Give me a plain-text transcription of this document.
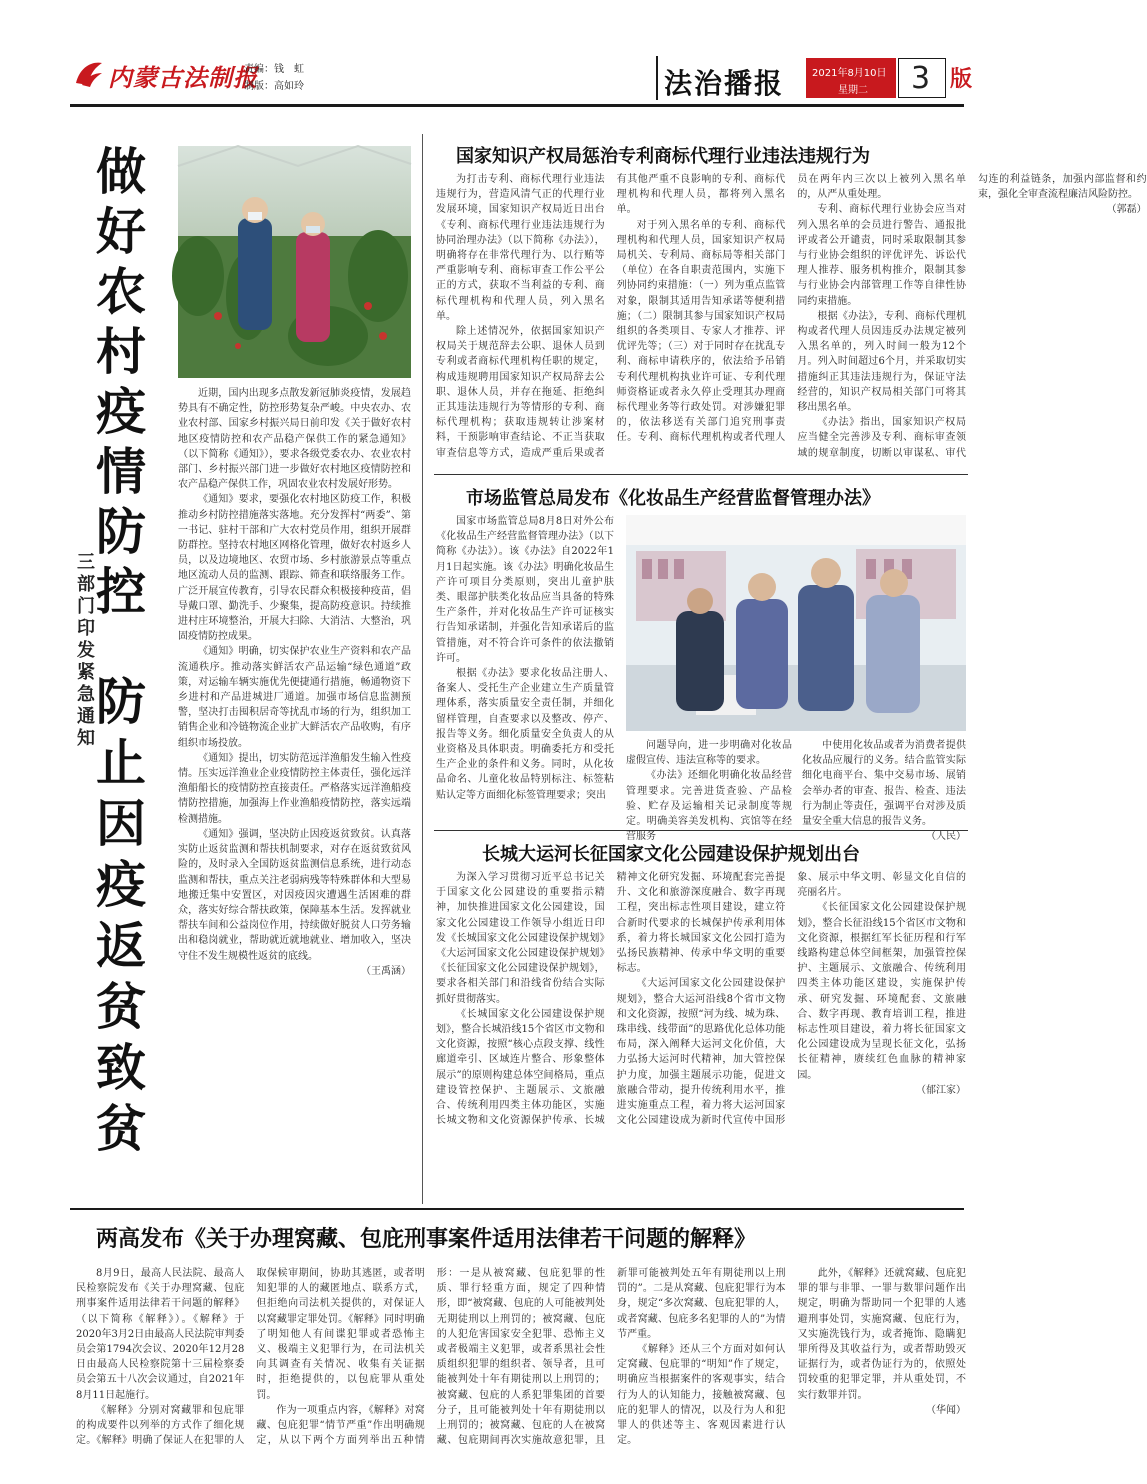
内蒙古法制报
责编：钱　虹
制版：高如玲	法治播报	2021年8月10日
星期二 3 版
做好农村疫情防控
防止因疫返贫致贫
三部门印发紧急通知

近期，国内出现多点散发新冠肺炎疫情，发展趋势具有不确定性，防控形势复杂严峻。中央农办、农业农村部、国家乡村振兴局日前印发《关于做好农村地区疫情防控和农产品稳产保供工作的紧急通知》（以下简称《通知》），要求各级党委农办、农业农村部门、乡村振兴部门进一步做好农村地区疫情防控和农产品稳产保供工作，巩固农业农村发展好形势。

《通知》要求，要强化农村地区防疫工作，积极推动乡村防控措施落实落地。充分发挥村“两委”、第一书记、驻村干部和广大农村党员作用，组织开展群防群控。坚持农村地区网格化管理，做好农村返乡人员，以及边境地区、农贸市场、乡村旅游景点等重点地区流动人员的监测、跟踪、筛查和联络服务工作。广泛开展宣传教育，引导农民群众积极接种疫苗，倡导戴口罩、勤洗手、少聚集，提高防疫意识。持续推进村庄环境整治，开展大扫除、大消洁、大整治，巩固疫情防控成果。

《通知》明确，切实保护农业生产资料和农产品流通秩序。推动落实鲜活农产品运输“绿色通道”政策，对运输车辆实施优先便捷通行措施，畅通物资下乡进村和产品进城进厂通道。加强市场信息监测预警，坚决打击囤积居奇等扰乱市场的行为，组织加工销售企业和冷链物流企业扩大鲜活农产品收购，有序组织市场投放。

《通知》提出，切实防范远洋渔船发生输入性疫情。压实远洋渔业企业疫情防控主体责任，强化远洋渔船船长的疫情防控直接责任。严格落实远洋渔船疫情防控措施，加强海上作业渔船疫情防控，落实远端检测措施。

《通知》强调，坚决防止因疫返贫致贫。认真落实防止返贫监测和帮扶机制要求，对存在返贫致贫风险的，及时录入全国防返贫监测信息系统，进行动态监测和帮扶，重点关注老弱病残等特殊群体和大型易地搬迁集中安置区，对因疫因灾遭遇生活困难的群众，落实好综合帮扶政策，保障基本生活。发挥就业帮扶车间和公益岗位作用，持续做好脱贫人口劳务输出和稳岗就业，帮助就近就地就业、增加收入，坚决守住不发生规模性返贫的底线。

（王禹涵）

国家知识产权局惩治专利商标代理行业违法违规行为

为打击专利、商标代理行业违法违规行为，营造风清气正的代理行业发展环境，国家知识产权局近日出台《专利、商标代理行业违法违规行为协同治理办法》（以下简称《办法》），明确将存在非常代理行为、以行贿等严重影响专利、商标审查工作公平公正的方式，获取不当利益的专利、商标代理机构和代理人员，列入黑名单。

除上述情况外，依据国家知识产权局关于规范辞去公职、退休人员到专利或者商标代理机构任职的规定，构成违规聘用国家知识产权局辞去公职、退休人员，并存在拖延、拒绝纠正其违法违规行为等情形的专利、商标代理机构；获取违规转让涉案材料，干预影响审查结论、不正当获取审查信息等方式，造成严重后果或者有其他严重不良影响的专利、商标代理机构和代理人员，都将列入黑名单。

对于列入黑名单的专利、商标代理机构和代理人员，国家知识产权局局机关、专利局、商标局等相关部门（单位）在各自职责范围内，实施下列协同约束措施：（一）列为重点监管对象，限制其适用告知承诺等便利措施；（二）限制其参与国家知识产权局组织的各类项目、专家人才推荐、评优评先等；（三）对于同时存在扰乱专利、商标申请秩序的，依法给予吊销专利代理机构执业许可证、专利代理师资格证或者永久停止受理其办理商标代理业务等行政处罚。对涉嫌犯罪的，依法移送有关部门追究刑事责任。专利、商标代理机构或者代理人员在两年内三次以上被列入黑名单的，从严从重处理。

专利、商标代理行业协会应当对列入黑名单的会员进行警告、通报批评或者公开谴责，同时采取限制其参与行业协会组织的评优评先、诉讼代理人推荐、服务机构推介，限制其参与行业协会内部管理工作等自律性协同约束措施。

根据《办法》，专利、商标代理机构或者代理人员因违反办法规定被列入黑名单的，列入时间一般为12个月。列入时间超过6个月，并采取切实措施纠正其违法违规行为，保证守法经营的，知识产权局相关部门可将其移出黑名单。

《办法》指出，国家知识产权局应当健全完善涉及专利、商标审查领域的规章制度，切断以审谋私、审代勾连的利益链条，加强内部监督和约束，强化全审查流程廉洁风险防控。

（郭磊）

市场监管总局发布《化妆品生产经营监督管理办法》

国家市场监管总局8月8日对外公布《化妆品生产经营监督管理办法》（以下简称《办法》）。该《办法》自2022年1月1日起实施。该《办法》明确化妆品生产许可项目分类原则，突出儿童护肤类、眼部护肤类化妆品应当具备的特殊生产条件，并对化妆品生产许可证核实行告知承诺制，并强化告知承诺后的监管措施，对不符合许可条件的依法撤销许可。

根据《办法》要求化妆品注册人、备案人、受托生产企业建立生产质量管理体系，落实质量安全责任制，并细化留样管理，自查要求以及整改、停产、报告等义务。细化质量安全负责人的从业资格及具体职责。明确委托方和受托生产企业的条件和义务。同时，从化妆品命名、儿童化妆品特别标注、标签粘贴认定等方面细化标签管理要求；突出

问题导向，进一步明确对化妆品虚假宣传、违法宣称等的要求。

《办法》还细化明确化妆品经营管理要求。完善进货查验、产品检验、贮存及运输相关记录制度等规定。明确美容美发机构、宾馆等在经营服务

中使用化妆品或者为消费者提供化妆品应履行的义务。结合监管实际细化电商平台、集中交易市场、展销会举办者的审查、报告、检查、违法行为制止等责任，强调平台对涉及质量安全重大信息的报告义务。

（人民）

长城大运河长征国家文化公园建设保护规划出台

为深入学习贯彻习近平总书记关于国家文化公园建设的重要指示精神，加快推进国家文化公园建设，国家文化公园建设工作领导小组近日印发《长城国家文化公园建设保护规划》《大运河国家文化公园建设保护规划》《长征国家文化公园建设保护规划》，要求各相关部门和沿线省份结合实际抓好贯彻落实。

《长城国家文化公园建设保护规划》，整合长城沿线15个省区市文物和文化资源，按照“核心点段支撑、线性廊道牵引、区域连片整合、形象整体展示”的原则构建总体空间格局，重点建设管控保护、主题展示、文旅融合、传统利用四类主体功能区，实施长城文物和文化资源保护传承、长城精神文化研究发掘、环境配套完善提升、文化和旅游深度融合、数字再现工程，突出标志性项目建设，建立符合新时代要求的长城保护传承利用体系，着力将长城国家文化公园打造为弘扬民族精神、传承中华文明的重要标志。

《大运河国家文化公园建设保护规划》，整合大运河沿线8个省市文物和文化资源，按照“河为线、城为珠、珠串线、线带面”的思路优化总体功能布局，深入阐释大运河文化价值，大力弘扬大运河时代精神，加大管控保护力度，加强主题展示功能，促进文旅融合带动，提升传统利用水平，推进实施重点工程，着力将大运河国家文化公园建设成为新时代宣传中国形象、展示中华文明、彰显文化自信的亮丽名片。

《长征国家文化公园建设保护规划》，整合长征沿线15个省区市文物和文化资源，根据红军长征历程和行军线路构建总体空间框架，加强管控保护、主题展示、文旅融合、传统利用四类主体功能区建设，实施保护传承、研究发掘、环境配套、文旅融合、数字再现、教育培训工程，推进标志性项目建设，着力将长征国家文化公园建设成为呈现长征文化，弘扬长征精神，赓续红色血脉的精神家园。

（郁江家）

两高发布《关于办理窝藏、包庇刑事案件适用法律若干问题的解释》

8月9日，最高人民法院、最高人民检察院发布《关于办理窝藏、包庇刑事案件适用法律若干问题的解释》（以下简称《解释》）。《解释》于2020年3月2日由最高人民法院审判委员会第1794次会议、2020年12月28日由最高人民检察院第十三届检察委员会第五十八次会议通过，自2021年8月11日起施行。

《解释》分别对窝藏罪和包庇罪的构成要件以列举的方式作了细化规定。《解释》明确了保证人在犯罪的人取保候审期间，协助其逃匿，或者明知犯罪的人的藏匿地点、联系方式，但拒绝向司法机关提供的，对保证人以窝藏罪定罪处罚。《解释》同时明确了明知他人有间谍犯罪或者恐怖主义、极端主义犯罪行为，在司法机关向其调查有关情况、收集有关证据时，拒绝提供的，以包庇罪从重处罚。

作为一项重点内容，《解释》对窝藏、包庇犯罪“情节严重”作出明确规定，从以下两个方面列举出五种情形：一是从被窝藏、包庇犯罪的性质、罪行轻重方面，规定了四种情形，即“被窝藏、包庇的人可能被判处无期徒刑以上刑罚的；被窝藏、包庇的人犯危害国家安全犯罪、恐怖主义或者极端主义犯罪，或者系黑社会性质组织犯罪的组织者、领导者，且可能被判处十年有期徒刑以上刑罚的；被窝藏、包庇的人系犯罪集团的首要分子，且可能被判处十年有期徒刑以上刑罚的；被窝藏、包庇的人在被窝藏、包庇期间再次实施故意犯罪，且新罪可能被判处五年有期徒刑以上刑罚的”。二是从窝藏、包庇犯罪行为本身，规定“多次窝藏、包庇犯罪的人，或者窝藏、包庇多名犯罪的人的”为情节严重。

《解释》还从三个方面对如何认定窝藏、包庇罪的“明知”作了规定，明确应当根据案件的客观事实，结合行为人的认知能力，接触被窝藏、包庇的犯罪人的情况，以及行为人和犯罪人的供述等主、客观因素进行认定。

此外，《解释》还就窝藏、包庇犯罪的罪与非罪、一罪与数罪问题作出规定，明确为帮助同一个犯罪的人逃避刑事处罚，实施窝藏、包庇行为，又实施洗钱行为，或者掩饰、隐瞒犯罪所得及其收益行为，或者帮助毁灭证据行为，或者伪证行为的，依照处罚较重的犯罪定罪，并从重处罚，不实行数罪并罚。

（华闻）
